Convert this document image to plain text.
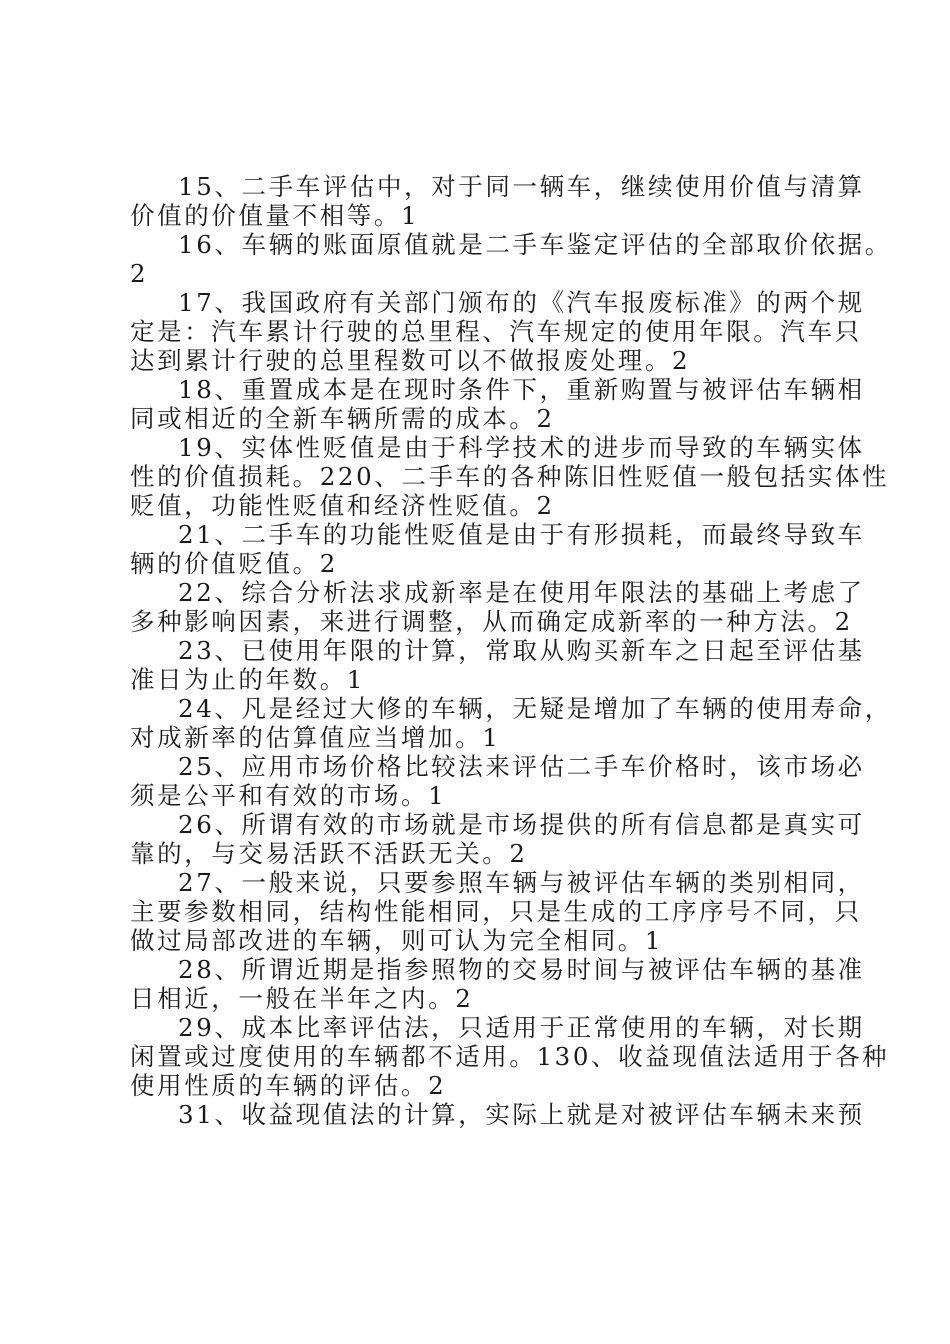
15、二手车评估中，对于同一辆车，继续使用价值与清算
价值的价值量不相等。1

16、车辆的账面原值就是二手车鉴定评估的全部取价依据。
2

17、我国政府有关部门颁布的《汽车报废标准》的两个规
定是：汽车累计行驶的总里程、汽车规定的使用年限。汽车只
达到累计行驶的总里程数可以不做报废处理。2

18、重置成本是在现时条件下，重新购置与被评估车辆相
同或相近的全新车辆所需的成本。2

19、实体性贬值是由于科学技术的进步而导致的车辆实体
性的价值损耗。220、二手车的各种陈旧性贬值一般包括实体性
贬值，功能性贬值和经济性贬值。2

21、二手车的功能性贬值是由于有形损耗，而最终导致车
辆的价值贬值。2

22、综合分析法求成新率是在使用年限法的基础上考虑了
多种影响因素，来进行调整，从而确定成新率的一种方法。2

23、已使用年限的计算，常取从购买新车之日起至评估基
准日为止的年数。1

24、凡是经过大修的车辆，无疑是增加了车辆的使用寿命，
对成新率的估算值应当增加。1

25、应用市场价格比较法来评估二手车价格时，该市场必
须是公平和有效的市场。1

26、所谓有效的市场就是市场提供的所有信息都是真实可
靠的，与交易活跃不活跃无关。2

27、一般来说，只要参照车辆与被评估车辆的类别相同，
主要参数相同，结构性能相同，只是生成的工序序号不同，只
做过局部改进的车辆，则可认为完全相同。1

28、所谓近期是指参照物的交易时间与被评估车辆的基准
日相近，一般在半年之内。2

29、成本比率评估法，只适用于正常使用的车辆，对长期
闲置或过度使用的车辆都不适用。130、收益现值法适用于各种
使用性质的车辆的评估。2

31、收益现值法的计算，实际上就是对被评估车辆未来预
